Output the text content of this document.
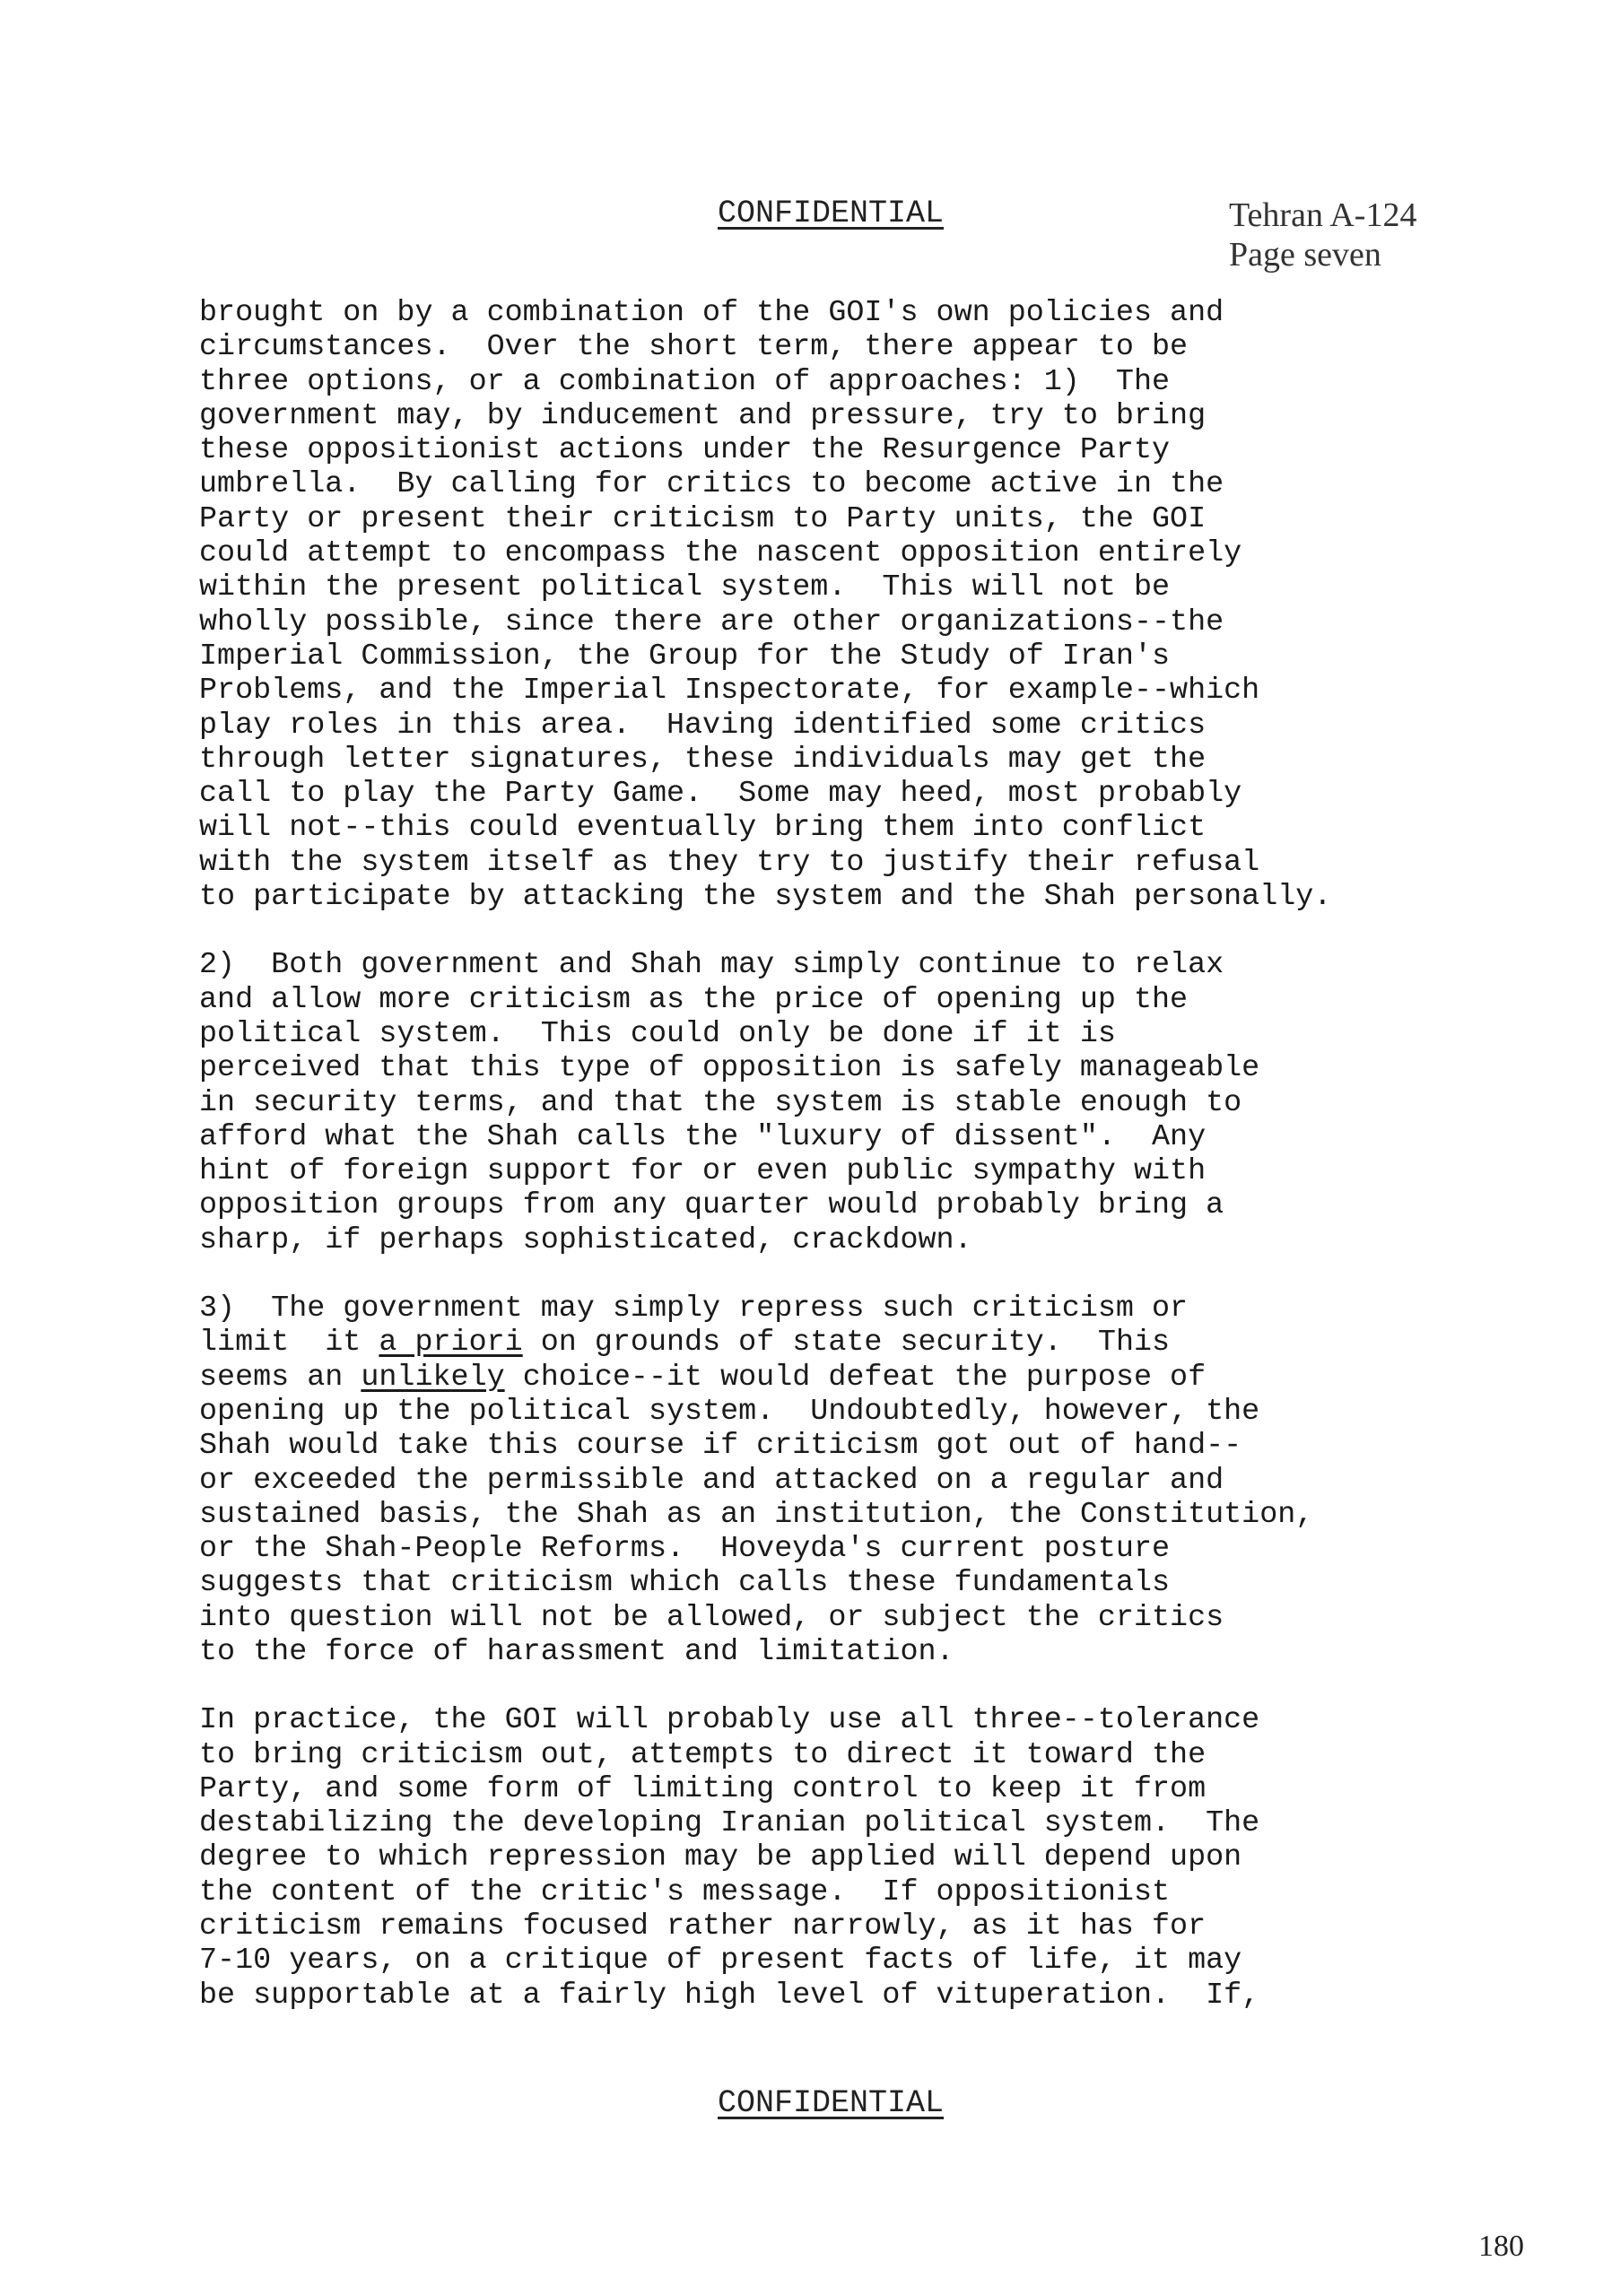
CONFIDENTIAL	Tehran A-124
Page seven
brought on by a combination of the GOI's own policies and
circumstances.  Over the short term, there appear to be
three options, or a combination of approaches: 1)  The
government may, by inducement and pressure, try to bring
these oppositionist actions under the Resurgence Party
umbrella.  By calling for critics to become active in the
Party or present their criticism to Party units, the GOI
could attempt to encompass the nascent opposition entirely
within the present political system.  This will not be
wholly possible, since there are other organizations--the
Imperial Commission, the Group for the Study of Iran's
Problems, and the Imperial Inspectorate, for example--which
play roles in this area.  Having identified some critics
through letter signatures, these individuals may get the
call to play the Party Game.  Some may heed, most probably
will not--this could eventually bring them into conflict
with the system itself as they try to justify their refusal
to participate by attacking the system and the Shah personally.
2)  Both government and Shah may simply continue to relax
and allow more criticism as the price of opening up the
political system.  This could only be done if it is
perceived that this type of opposition is safely manageable
in security terms, and that the system is stable enough to
afford what the Shah calls the "luxury of dissent".  Any
hint of foreign support for or even public sympathy with
opposition groups from any quarter would probably bring a
sharp, if perhaps sophisticated, crackdown.
3)  The government may simply repress such criticism or
limit  it a priori on grounds of state security.  This
seems an unlikely choice--it would defeat the purpose of
opening up the political system.  Undoubtedly, however, the
Shah would take this course if criticism got out of hand--
or exceeded the permissible and attacked on a regular and
sustained basis, the Shah as an institution, the Constitution,
or the Shah-People Reforms.  Hoveyda's current posture
suggests that criticism which calls these fundamentals
into question will not be allowed, or subject the critics
to the force of harassment and limitation.
In practice, the GOI will probably use all three--tolerance
to bring criticism out, attempts to direct it toward the
Party, and some form of limiting control to keep it from
destabilizing the developing Iranian political system.  The
degree to which repression may be applied will depend upon
the content of the critic's message.  If oppositionist
criticism remains focused rather narrowly, as it has for
7-10 years, on a critique of present facts of life, it may
be supportable at a fairly high level of vituperation.  If,
CONFIDENTIAL
180
